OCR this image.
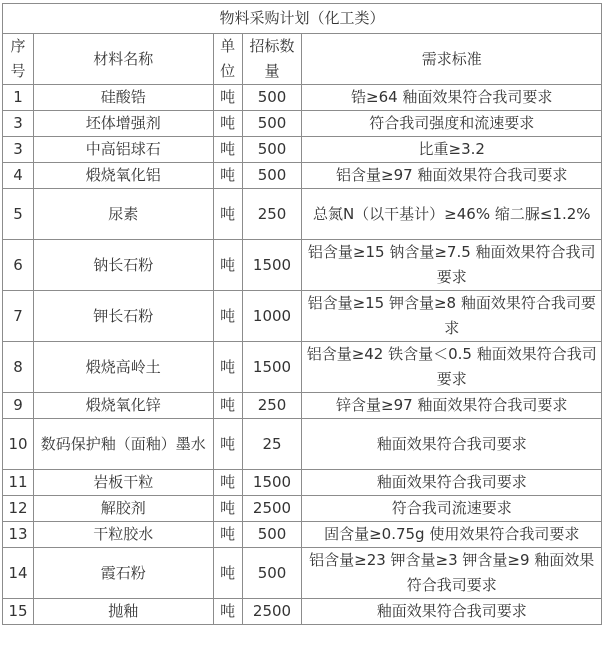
物料采购计划（化工类）				
序号	材料名称	单位	招标数量	需求标准
1	硅酸锆	吨	500	锆≥64 釉面效果符合我司要求
3	坯体增强剂	吨	500	符合我司强度和流速要求
3	中高铝球石	吨	500	比重≥3.2
4	煅烧氧化铝	吨	500	铝含量≥97 釉面效果符合我司要求
5	尿素	吨	250	总氮N（以干基计）≥46% 缩二脲≤1.2%
6	钠长石粉	吨	1500	铝含量≥15 钠含量≥7.5 釉面效果符合我司要求
7	钾长石粉	吨	1000	铝含量≥15 钾含量≥8 釉面效果符合我司要求
8	煅烧高岭土	吨	1500	铝含量≥42 铁含量＜0.5 釉面效果符合我司要求
9	煅烧氧化锌	吨	250	锌含量≥97 釉面效果符合我司要求
10	数码保护釉（面釉）墨水	吨	25	釉面效果符合我司要求
11	岩板干粒	吨	1500	釉面效果符合我司要求
12	解胶剂	吨	2500	符合我司流速要求
13	干粒胶水	吨	500	固含量≥0.75g 使用效果符合我司要求
14	霞石粉	吨	500	铝含量≥23 钾含量≥3 钾含量≥9 釉面效果符合我司要求
15	抛釉	吨	2500	釉面效果符合我司要求
